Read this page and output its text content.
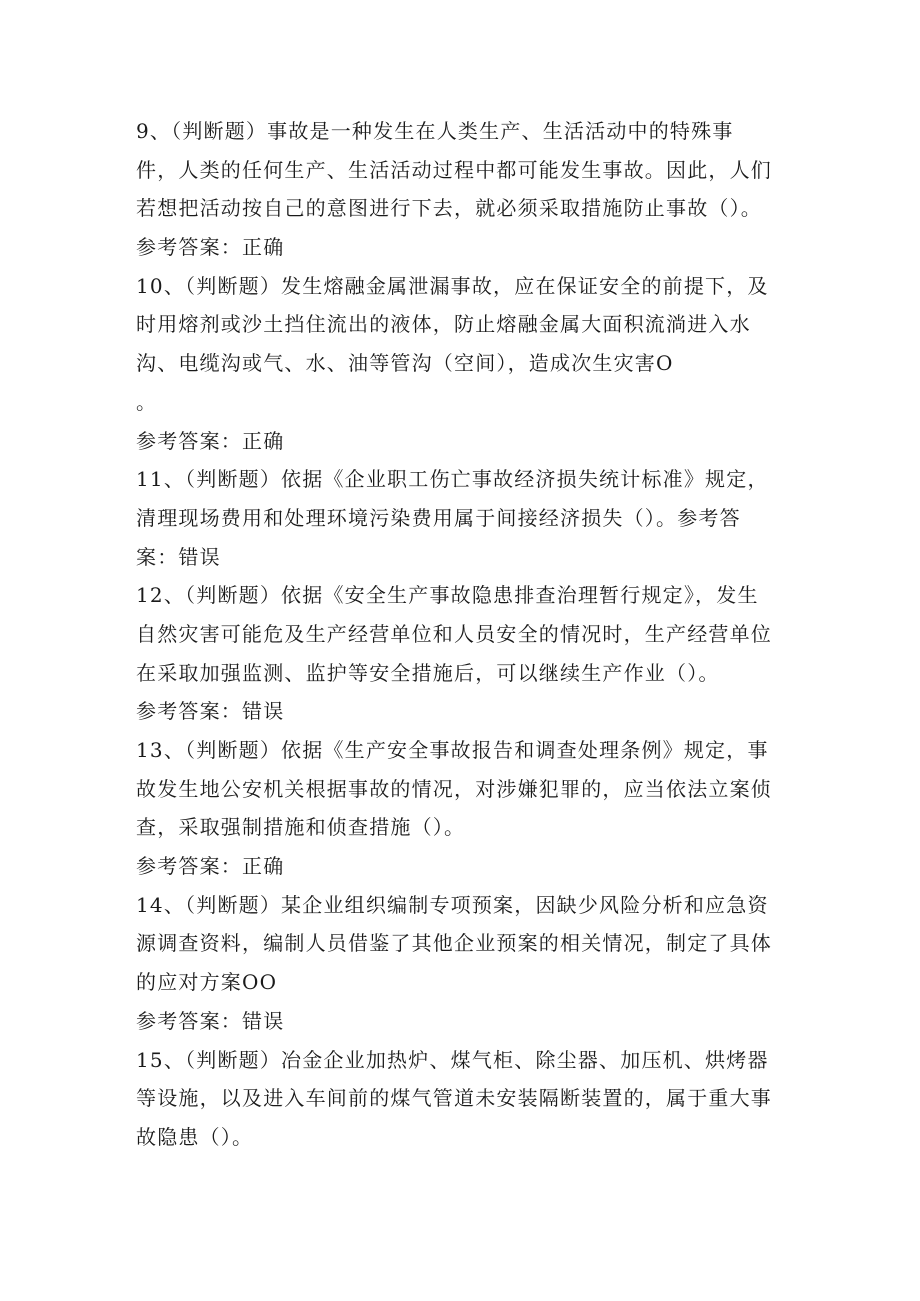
9、（判断题）事故是一种发生在人类生产、生活活动中的特殊事
件，人类的任何生产、生活活动过程中都可能发生事故。因此，人们
若想把活动按自己的意图进行下去，就必须采取措施防止事故（）。
参考答案：正确
10、（判断题）发生熔融金属泄漏事故，应在保证安全的前提下，及
时用熔剂或沙土挡住流出的液体，防止熔融金属大面积流淌进入水
沟、电缆沟或气、水、油等管沟（空间），造成次生灾害O
。
参考答案：正确
11、（判断题）依据《企业职工伤亡事故经济损失统计标准》规定，
清理现场费用和处理环境污染费用属于间接经济损失（）。参考答
案：错误
12、（判断题）依据《安全生产事故隐患排查治理暂行规定》，发生
自然灾害可能危及生产经营单位和人员安全的情况时，生产经营单位
在采取加强监测、监护等安全措施后，可以继续生产作业（）。
参考答案：错误
13、（判断题）依据《生产安全事故报告和调查处理条例》规定，事
故发生地公安机关根据事故的情况，对涉嫌犯罪的，应当依法立案侦
查，采取强制措施和侦查措施（）。
参考答案：正确
14、（判断题）某企业组织编制专项预案，因缺少风险分析和应急资
源调查资料，编制人员借鉴了其他企业预案的相关情况，制定了具体
的应对方案OO
参考答案：错误
15、（判断题）冶金企业加热炉、煤气柜、除尘器、加压机、烘烤器
等设施，以及进入车间前的煤气管道未安装隔断装置的，属于重大事
故隐患（）。
